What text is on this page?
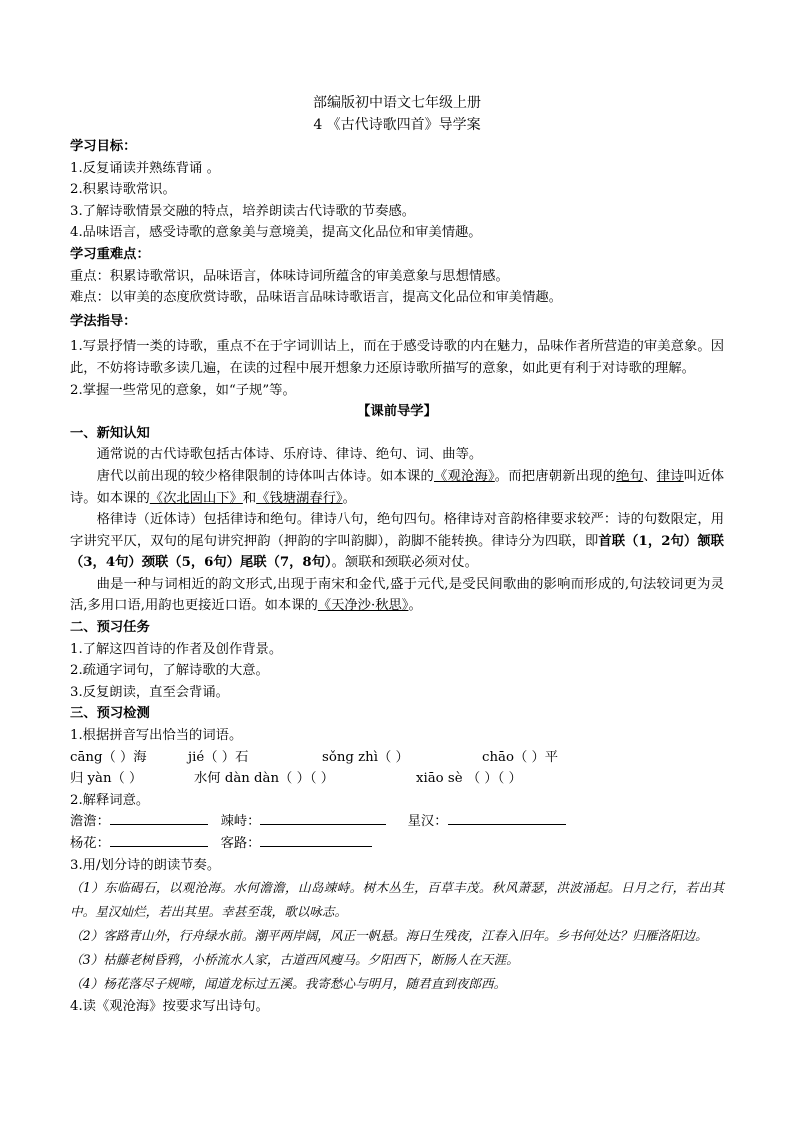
部编版初中语文七年级上册

4 《古代诗歌四首》导学案

学习目标：

1.反复诵读并熟练背诵 。

2.积累诗歌常识。

3.了解诗歌情景交融的特点，培养朗读古代诗歌的节奏感。

4.品味语言，感受诗歌的意象美与意境美，提高文化品位和审美情趣。

学习重难点：

重点：积累诗歌常识，品味语言，体味诗词所蕴含的审美意象与思想情感。

难点：以审美的态度欣赏诗歌，品味语言品味诗歌语言，提高文化品位和审美情趣。

学法指导：

1.写景抒情一类的诗歌，重点不在于字词训诂上，而在于感受诗歌的内在魅力，品味作者所营造的审美意象。因此，不妨将诗歌多读几遍，在读的过程中展开想象力还原诗歌所描写的意象，如此更有利于对诗歌的理解。

2.掌握一些常见的意象，如“子规”等。

【课前导学】

一、新知认知

通常说的古代诗歌包括古体诗、乐府诗、律诗、绝句、词、曲等。

唐代以前出现的较少格律限制的诗体叫古体诗。如本课的《观沧海》。而把唐朝新出现的绝句、律诗叫近体诗。如本课的《次北固山下》和《钱塘湖春行》。

格律诗（近体诗）包括律诗和绝句。律诗八句，绝句四句。格律诗对音韵格律要求较严：诗的句数限定，用字讲究平仄，双句的尾句讲究押韵（押韵的字叫韵脚），韵脚不能转换。律诗分为四联，即首联（1，2句）颔联（3，4句）颈联（5，6句）尾联（7，8句）。颔联和颈联必须对仗。

曲是一种与词相近的韵文形式,出现于南宋和金代,盛于元代,是受民间歌曲的影响而形成的,句法较词更为灵活,多用口语,用韵也更接近口语。如本课的《天净沙·秋思》。

二、预习任务

1.了解这四首诗的作者及创作背景。

2.疏通字词句，了解诗歌的大意。

3.反复朗读，直至会背诵。

三、预习检测

1.根据拼音写出恰当的词语。

cāng（ ）海	jié（ ）石	sǒng zhì（ ）	chāo（ ）平

归 yàn（ ）	水何 dàn dàn（ ）（ ）	xiāo sè （ ）（ ）

2.解释词意。

澹澹：	竦峙：	星汉：

杨花：	客路：

3.用/划分诗的朗读节奏。

（1）东临碣石，以观沧海。水何澹澹，山岛竦峙。树木丛生，百草丰茂。秋风萧瑟，洪波涌起。日月之行，若出其中。星汉灿烂，若出其里。幸甚至哉，歌以咏志。

（2）客路青山外，行舟绿水前。潮平两岸阔，风正一帆悬。海日生残夜，江春入旧年。乡书何处达？归雁洛阳边。

（3）枯藤老树昏鸦，小桥流水人家，古道西风瘦马。夕阳西下，断肠人在天涯。

（4）杨花落尽子规啼，闻道龙标过五溪。我寄愁心与明月，随君直到夜郎西。

4.读《观沧海》按要求写出诗句。
